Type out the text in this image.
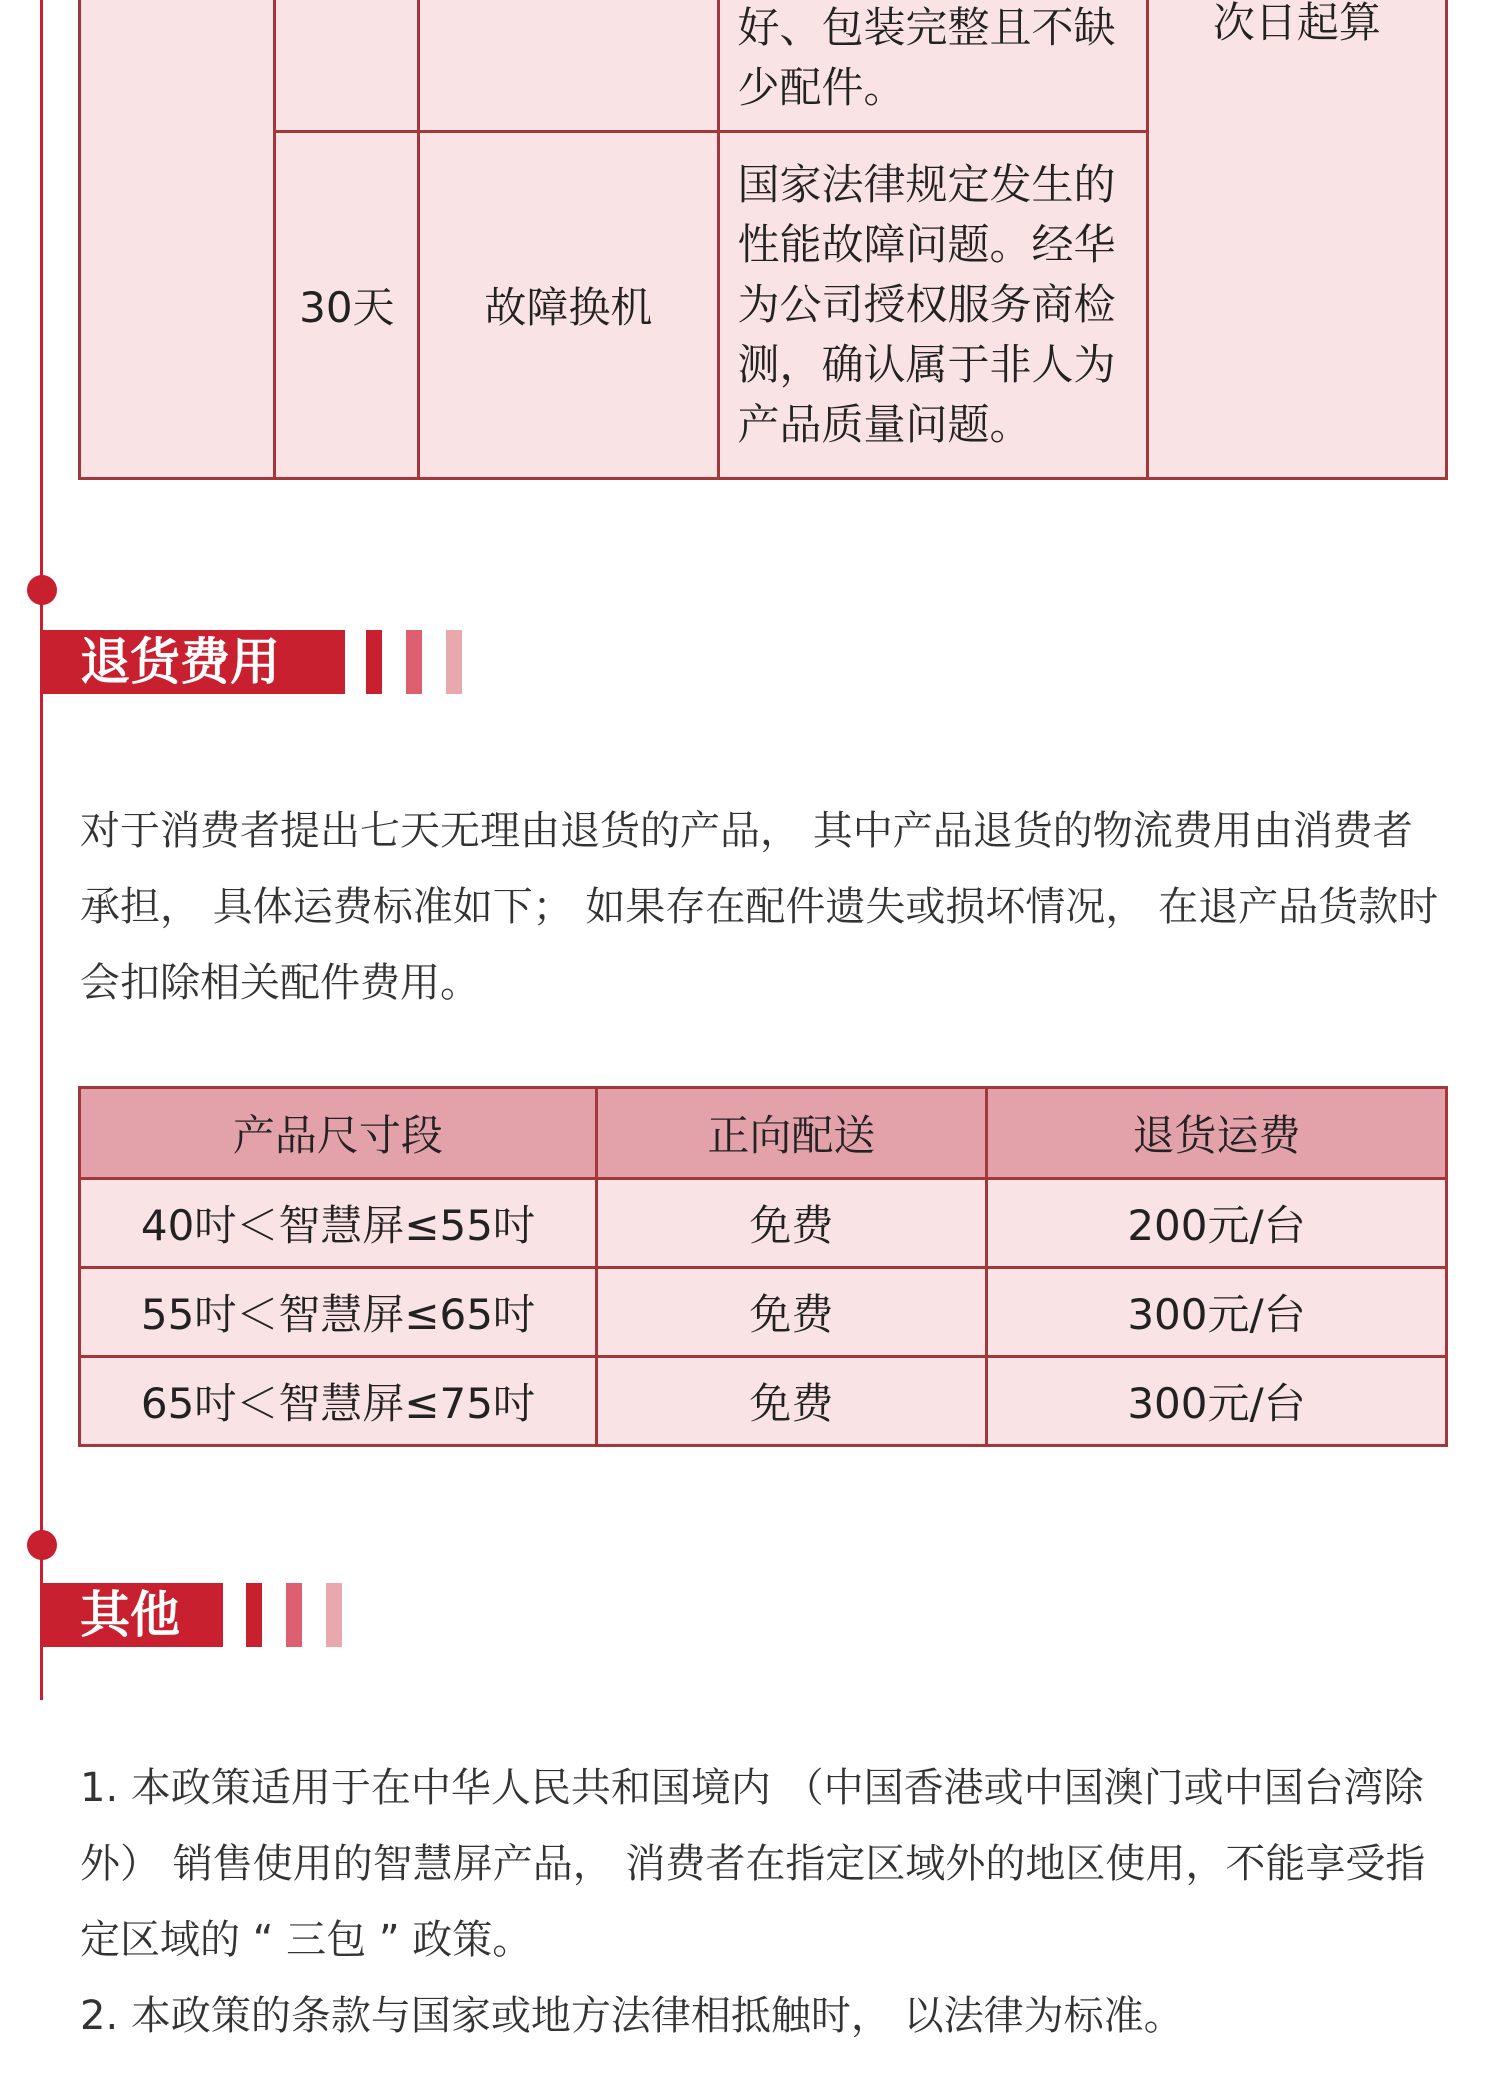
			好、包装完整且不缺少配件。	次日起算

	30天	故障换机	国家法律规定发生的性能故障问题。经华为公司授权服务商检测，确认属于非人为产品质量问题。	
退货费用

对于消费者提出七天无理由退货的产品， 其中产品退货的物流费用由消费者承担， 具体运费标准如下； 如果存在配件遗失或损坏情况， 在退产品货款时会扣除相关配件费用。

产品尺寸段	正向配送	退货运费
40吋＜智慧屏≤55吋	免费	200元/台
55吋＜智慧屏≤65吋	免费	300元/台
65吋＜智慧屏≤75吋	免费	300元/台
其他
1. 本政策适用于在中华人民共和国境内 （中国香港或中国澳门或中国台湾除外） 销售使用的智慧屏产品， 消费者在指定区域外的地区使用，不能享受指定区域的 “ 三包 ” 政策。
2. 本政策的条款与国家或地方法律相抵触时， 以法律为标准。
